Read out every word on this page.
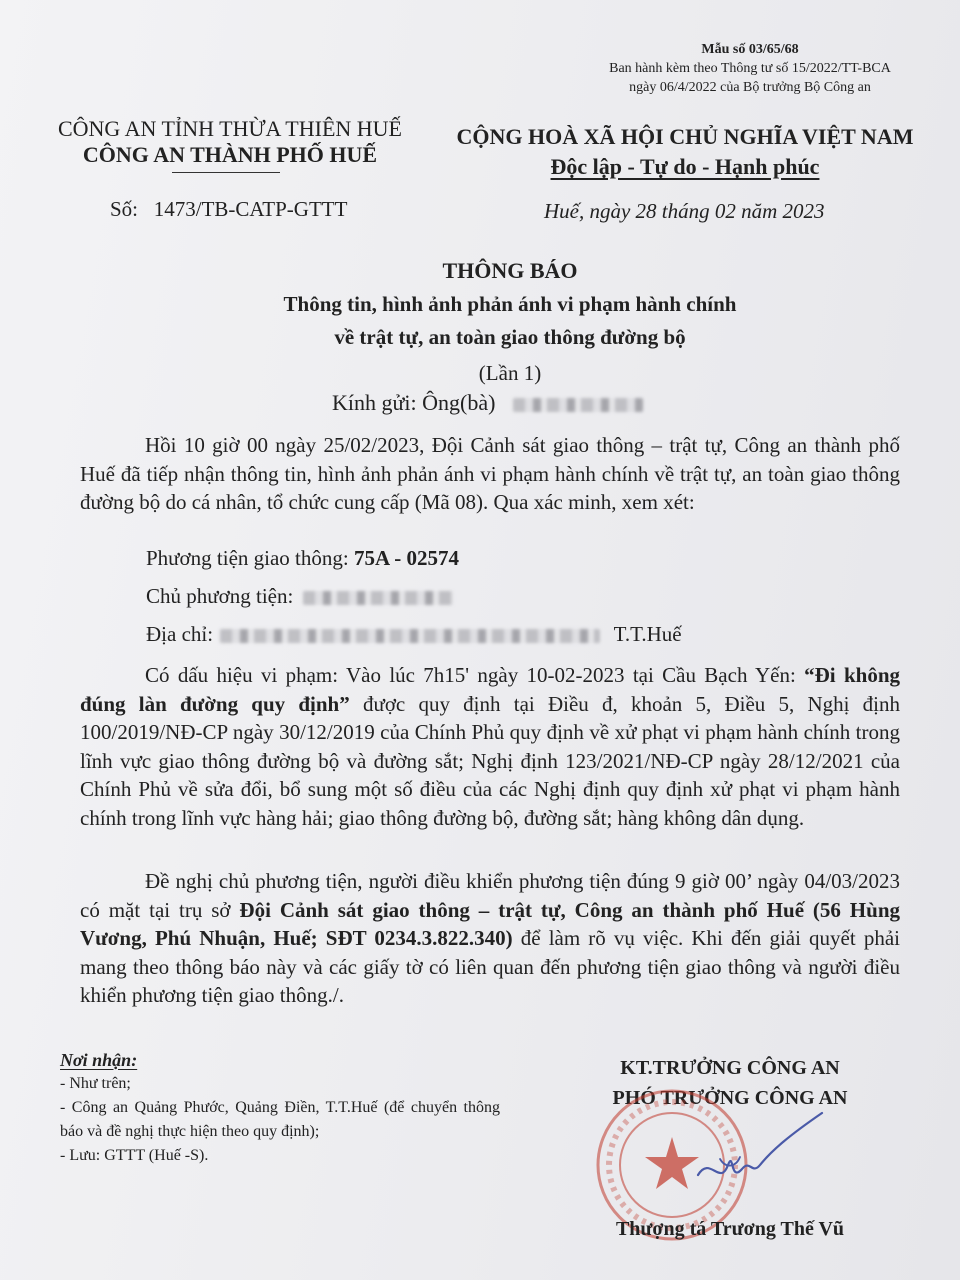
Mẫu số 03/65/68
Ban hành kèm theo Thông tư số 15/2022/TT-BCA
ngày 06/4/2022 của Bộ trưởng Bộ Công an
CÔNG AN TỈNH THỪA THIÊN HUẾ
CÔNG AN THÀNH PHỐ HUẾ
CỘNG HOÀ XÃ HỘI CHỦ NGHĨA VIỆT NAM
Độc lập - Tự do - Hạnh phúc
Số: 1473/TB-CATP-GTTT	Huế, ngày 28 tháng 02 năm 2023
THÔNG BÁO
Thông tin, hình ảnh phản ánh vi phạm hành chính
về trật tự, an toàn giao thông đường bộ
(Lần 1)
Kính gửi: Ông(bà)
Hồi 10 giờ 00 ngày 25/02/2023, Đội Cảnh sát giao thông – trật tự, Công an thành phố Huế đã tiếp nhận thông tin, hình ảnh phản ánh vi phạm hành chính về trật tự, an toàn giao thông đường bộ do cá nhân, tổ chức cung cấp (Mã 08). Qua xác minh, xem xét:
Phương tiện giao thông: 75A - 02574
Chủ phương tiện:
Địa chỉ:	T.T.Huế
Có dấu hiệu vi phạm: Vào lúc 7h15' ngày 10-02-2023 tại Cầu Bạch Yến: “Đi không đúng làn đường quy định” được quy định tại Điều đ, khoản 5, Điều 5, Nghị định 100/2019/NĐ-CP ngày 30/12/2019 của Chính Phủ quy định về xử phạt vi phạm hành chính trong lĩnh vực giao thông đường bộ và đường sắt; Nghị định 123/2021/NĐ-CP ngày 28/12/2021 của Chính Phủ về sửa đổi, bổ sung một số điều của các Nghị định quy định xử phạt vi phạm hành chính trong lĩnh vực hàng hải; giao thông đường bộ, đường sắt; hàng không dân dụng.
Đề nghị chủ phương tiện, người điều khiển phương tiện đúng 9 giờ 00’ ngày 04/03/2023 có mặt tại trụ sở Đội Cảnh sát giao thông – trật tự, Công an thành phố Huế (56 Hùng Vương, Phú Nhuận, Huế; SĐT 0234.3.822.340) để làm rõ vụ việc. Khi đến giải quyết phải mang theo thông báo này và các giấy tờ có liên quan đến phương tiện giao thông và người điều khiển phương tiện giao thông./.
Nơi nhận:
- Như trên;
- Công an Quảng Phước, Quảng Điền, T.T.Huế (để chuyển thông báo và đề nghị thực hiện theo quy định);
- Lưu: GTTT (Huế -S).
KT.TRƯỞNG CÔNG AN
PHÓ TRƯỞNG CÔNG AN
Thượng tá Trương Thế Vũ
